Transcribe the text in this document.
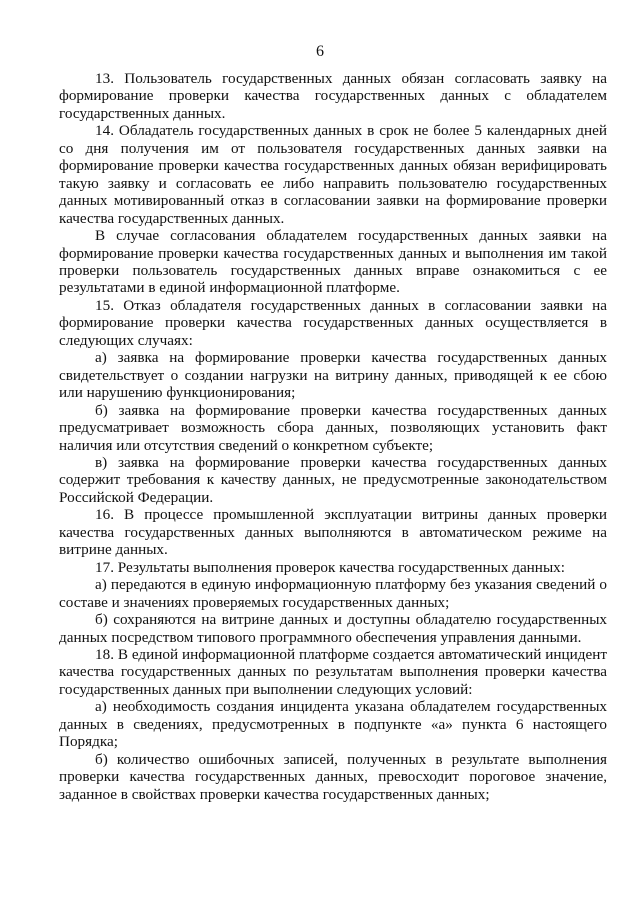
6

13. Пользователь государственных данных обязан согласовать заявку на формирование проверки качества государственных данных с обладателем государственных данных.

14. Обладатель государственных данных в срок не более 5 календарных дней со дня получения им от пользователя государственных данных заявки на формирование проверки качества государственных данных обязан верифицировать такую заявку и согласовать ее либо направить пользователю государственных данных мотивированный отказ в согласовании заявки на формирование проверки качества государственных данных.

В случае согласования обладателем государственных данных заявки на формирование проверки качества государственных данных и выполнения им такой проверки пользователь государственных данных вправе ознакомиться с ее результатами в единой информационной платформе.

15. Отказ обладателя государственных данных в согласовании заявки на формирование проверки качества государственных данных осуществляется в следующих случаях:

а) заявка на формирование проверки качества государственных данных свидетельствует о создании нагрузки на витрину данных, приводящей к ее сбою или нарушению функционирования;

б) заявка на формирование проверки качества государственных данных предусматривает возможность сбора данных, позволяющих установить факт наличия или отсутствия сведений о конкретном субъекте;

в) заявка на формирование проверки качества государственных данных содержит требования к качеству данных, не предусмотренные законодательством Российской Федерации.

16. В процессе промышленной эксплуатации витрины данных проверки качества государственных данных выполняются в автоматическом режиме на витрине данных.

17. Результаты выполнения проверок качества государственных данных:

а) передаются в единую информационную платформу без указания сведений о составе и значениях проверяемых государственных данных;

б) сохраняются на витрине данных и доступны обладателю государственных данных посредством типового программного обеспечения управления данными.

18. В единой информационной платформе создается автоматический инцидент качества государственных данных по результатам выполнения проверки качества государственных данных при выполнении следующих условий:

а) необходимость создания инцидента указана обладателем государственных данных в сведениях, предусмотренных в подпункте «а» пункта 6 настоящего Порядка;

б) количество ошибочных записей, полученных в результате выполнения проверки качества государственных данных, превосходит пороговое значение, заданное в свойствах проверки качества государственных данных;
